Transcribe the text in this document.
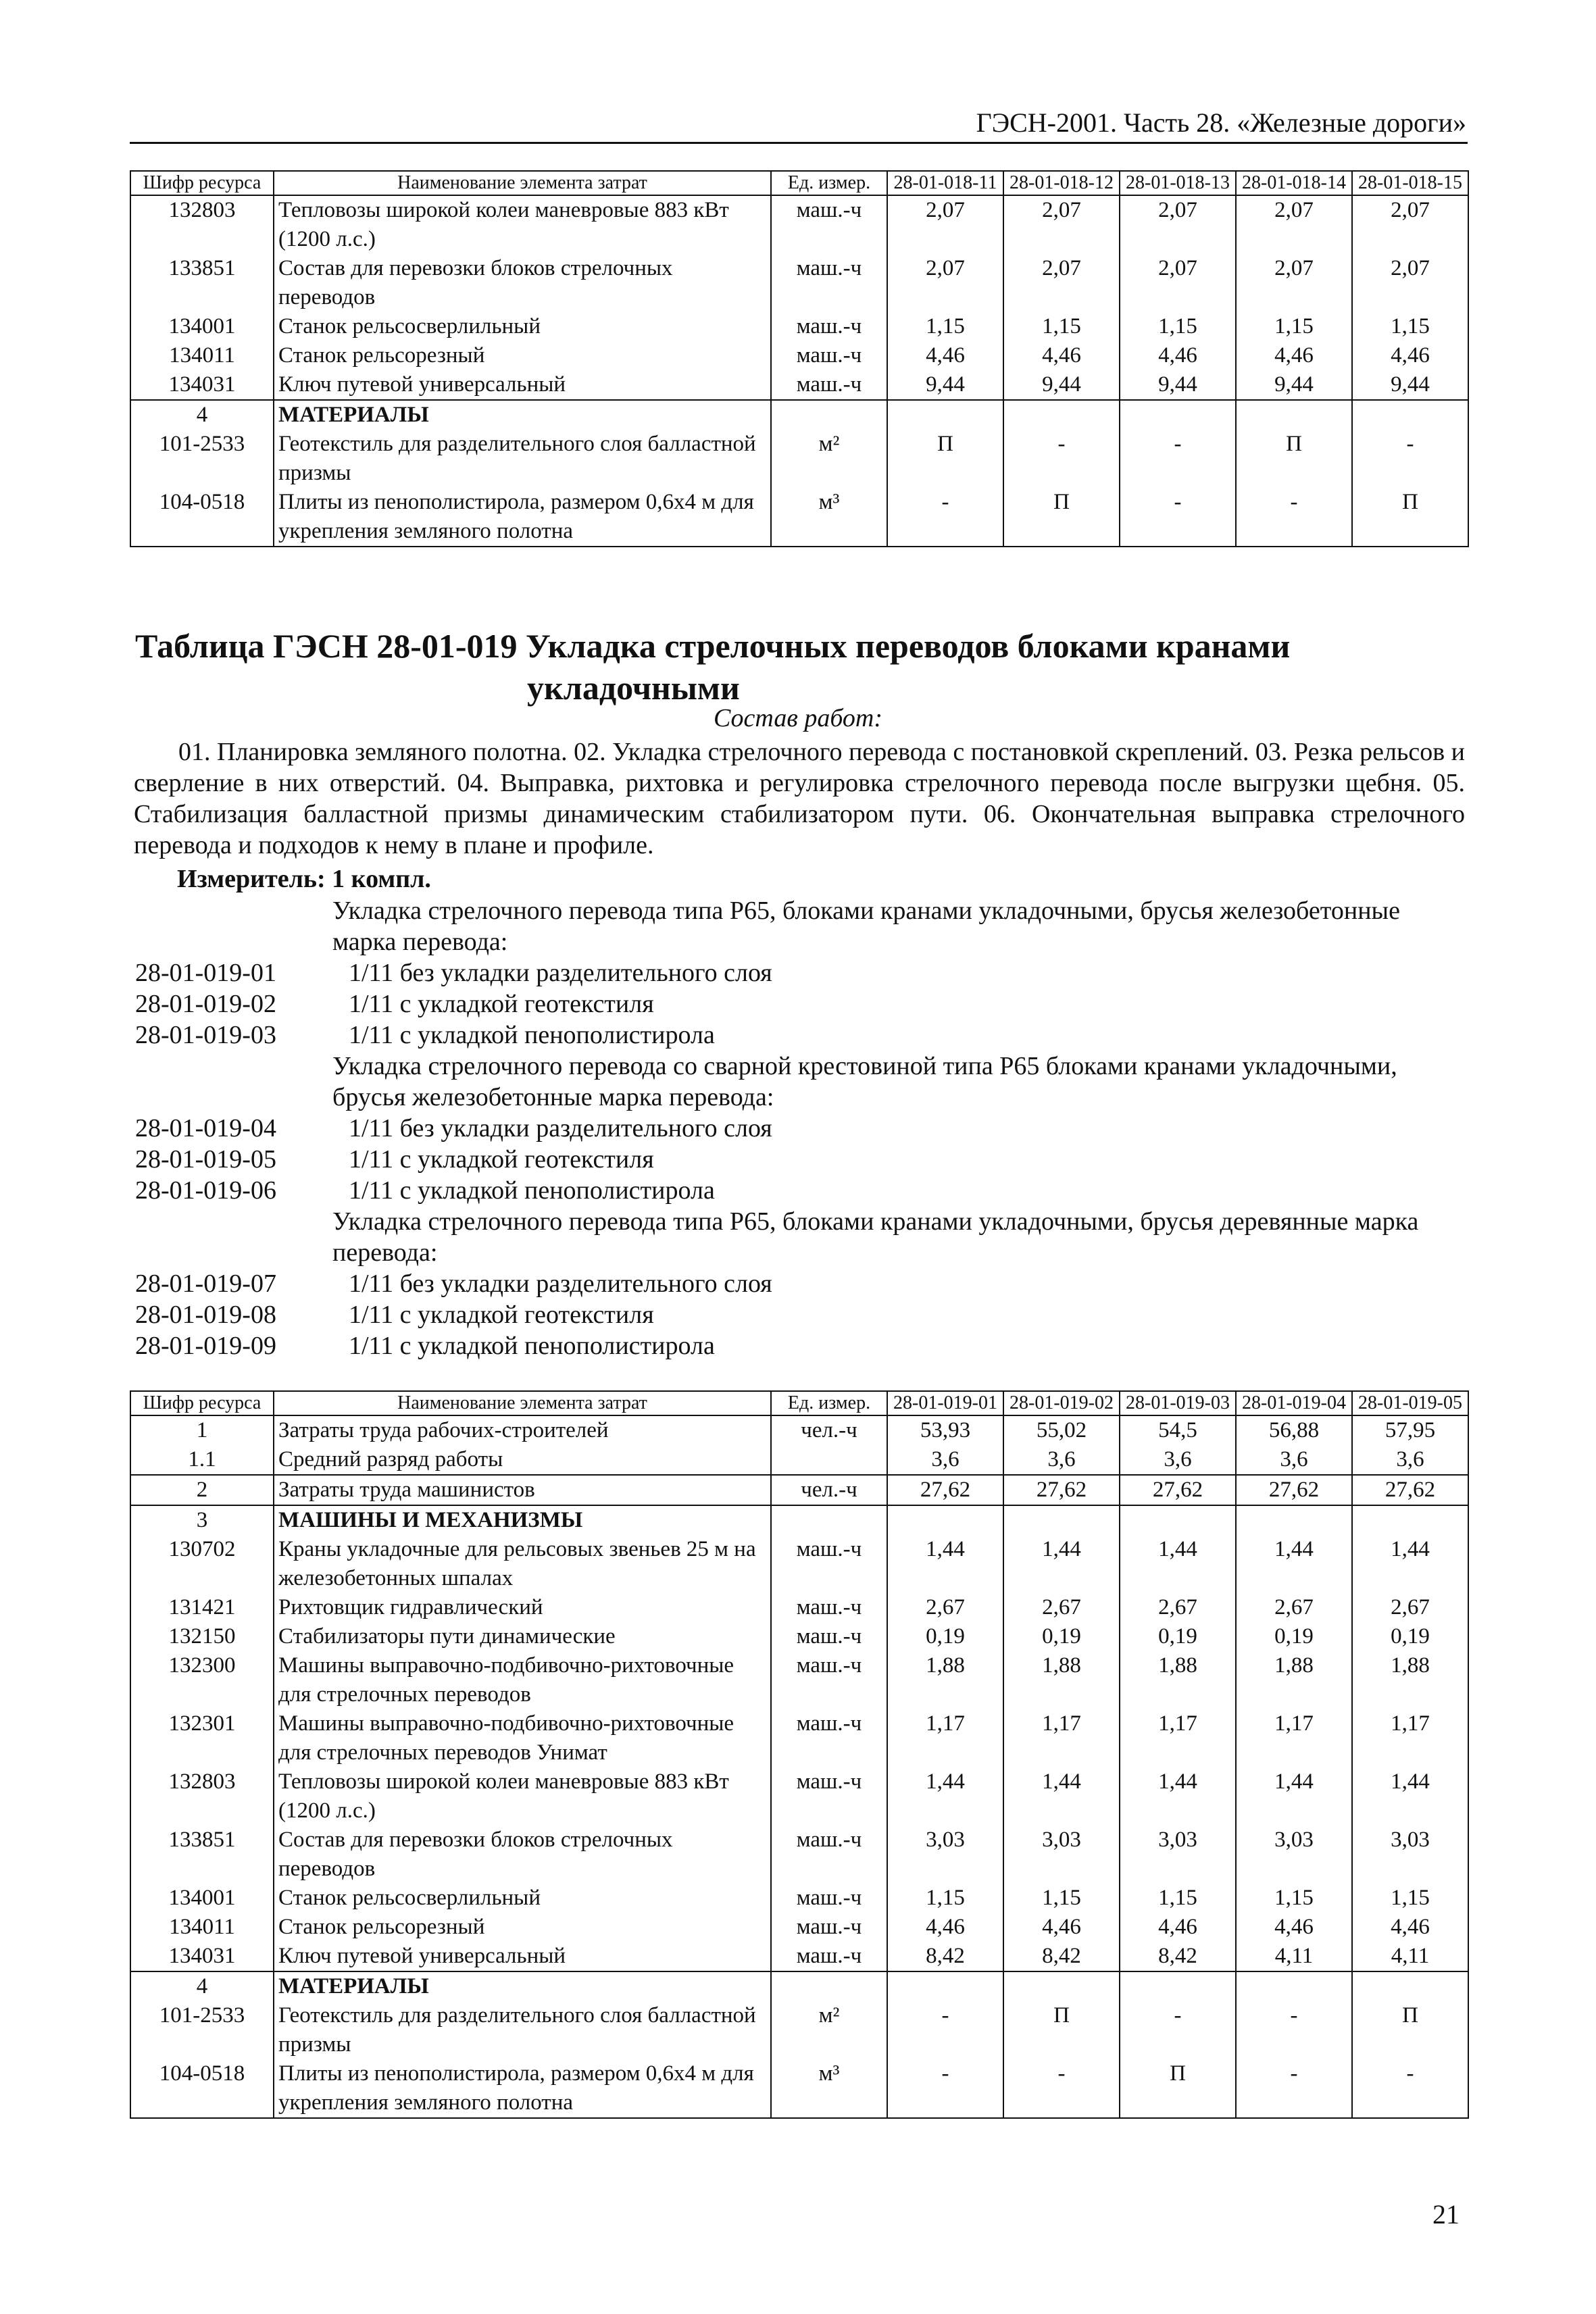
ГЭСН-2001. Часть 28. «Железные дороги»
Шифр ресурса	Наименование элемента затрат	Ед. измер.	28-01-018-11	28-01-018-12	28-01-018-13	28-01-018-14	28-01-018-15
132803	Тепловозы широкой колеи маневровые 883 кВт (1200 л.с.)	маш.-ч	2,07	2,07	2,07	2,07	2,07
133851	Состав для перевозки блоков стрелочных переводов	маш.-ч	2,07	2,07	2,07	2,07	2,07
134001	Станок рельсосверлильный	маш.-ч	1,15	1,15	1,15	1,15	1,15
134011	Станок рельсорезный	маш.-ч	4,46	4,46	4,46	4,46	4,46
134031	Ключ путевой универсальный	маш.-ч	9,44	9,44	9,44	9,44	9,44
4	МАТЕРИАЛЫ						
101-2533	Геотекстиль для разделительного слоя балластной призмы	м²	П	-	-	П	-
104-0518	Плиты из пенополистирола, размером 0,6х4 м для укрепления земляного полотна	м³	-	П	-	-	П
Таблица ГЭСН 28-01-019 Укладка стрелочных переводов блоками кранами
укладочными
Состав работ:
01. Планировка земляного полотна. 02. Укладка стрелочного перевода с постановкой скреплений. 03. Резка рельсов и сверление в них отверстий. 04. Выправка, рихтовка и регулировка стрелочного перевода после выгрузки щебня. 05. Стабилизация балластной призмы динамическим стабилизатором пути. 06. Окончательная выправка стрелочного перевода и подходов к нему в плане и профиле.
Измеритель: 1 компл.
Укладка стрелочного перевода типа Р65, блоками кранами укладочными, брусья железобетонные марка перевода:
28-01-019-01	1/11 без укладки разделительного слоя
28-01-019-02	1/11 с укладкой геотекстиля
28-01-019-03	1/11 с укладкой пенополистирола
Укладка стрелочного перевода со сварной крестовиной типа Р65 блоками кранами укладочными, брусья железобетонные марка перевода:
28-01-019-04	1/11 без укладки разделительного слоя
28-01-019-05	1/11 с укладкой геотекстиля
28-01-019-06	1/11 с укладкой пенополистирола
Укладка стрелочного перевода типа Р65, блоками кранами укладочными, брусья деревянные марка перевода:
28-01-019-07	1/11 без укладки разделительного слоя
28-01-019-08	1/11 с укладкой геотекстиля
28-01-019-09	1/11 с укладкой пенополистирола
Шифр ресурса	Наименование элемента затрат	Ед. измер.	28-01-019-01	28-01-019-02	28-01-019-03	28-01-019-04	28-01-019-05
1	Затраты труда рабочих-строителей	чел.-ч	53,93	55,02	54,5	56,88	57,95
1.1	Средний разряд работы		3,6	3,6	3,6	3,6	3,6
2	Затраты труда машинистов	чел.-ч	27,62	27,62	27,62	27,62	27,62
3	МАШИНЫ И МЕХАНИЗМЫ						
130702	Краны укладочные для рельсовых звеньев 25 м на железобетонных шпалах	маш.-ч	1,44	1,44	1,44	1,44	1,44
131421	Рихтовщик гидравлический	маш.-ч	2,67	2,67	2,67	2,67	2,67
132150	Стабилизаторы пути динамические	маш.-ч	0,19	0,19	0,19	0,19	0,19
132300	Машины выправочно-подбивочно-рихтовочные для стрелочных переводов	маш.-ч	1,88	1,88	1,88	1,88	1,88
132301	Машины выправочно-подбивочно-рихтовочные для стрелочных переводов Унимат	маш.-ч	1,17	1,17	1,17	1,17	1,17
132803	Тепловозы широкой колеи маневровые 883 кВт (1200 л.с.)	маш.-ч	1,44	1,44	1,44	1,44	1,44
133851	Состав для перевозки блоков стрелочных переводов	маш.-ч	3,03	3,03	3,03	3,03	3,03
134001	Станок рельсосверлильный	маш.-ч	1,15	1,15	1,15	1,15	1,15
134011	Станок рельсорезный	маш.-ч	4,46	4,46	4,46	4,46	4,46
134031	Ключ путевой универсальный	маш.-ч	8,42	8,42	8,42	4,11	4,11
4	МАТЕРИАЛЫ						
101-2533	Геотекстиль для разделительного слоя балластной призмы	м²	-	П	-	-	П
104-0518	Плиты из пенополистирола, размером 0,6х4 м для укрепления земляного полотна	м³	-	-	П	-	-
21
